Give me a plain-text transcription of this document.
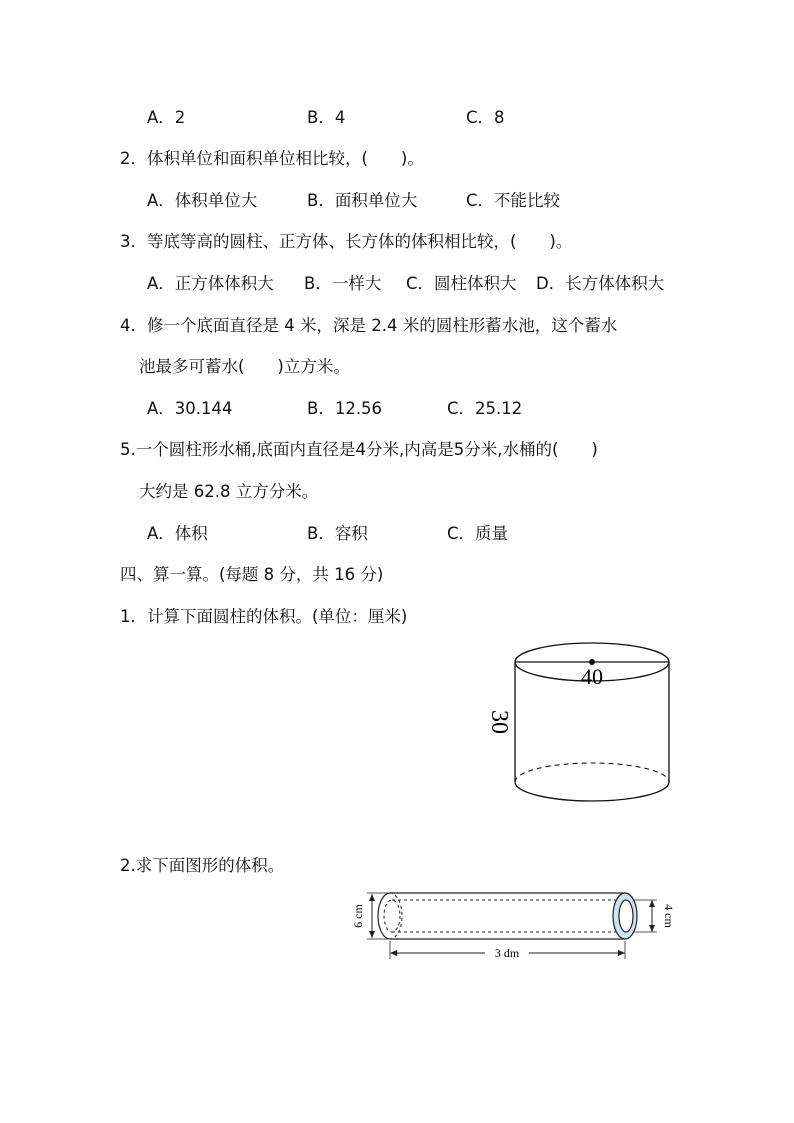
A．2	B．4	C．8
2．体积单位和面积单位相比较，(　　)。
A．体积单位大	B．面积单位大	C．不能比较
3．等底等高的圆柱、正方体、长方体的体积相比较，(　　)。
A．正方体体积大 B．一样大 C．圆柱体积大 D．长方体体积大
4．修一个底面直径是 4 米，深是 2.4 米的圆柱形蓄水池，这个蓄水
池最多可蓄水(　　)立方米。
A．30.144	B．12.56	C．25.12
5.一个圆柱形水桶,底面内直径是4分米,内高是5分米,水桶的(　　)
大约是 62.8 立方分米。
A．体积	B．容积	C．质量
四、算一算。(每题 8 分，共 16 分)
1．计算下面圆柱的体积。(单位：厘米)
40
30
2.求下面图形的体积。
6 cm	4 cm
3 dm
